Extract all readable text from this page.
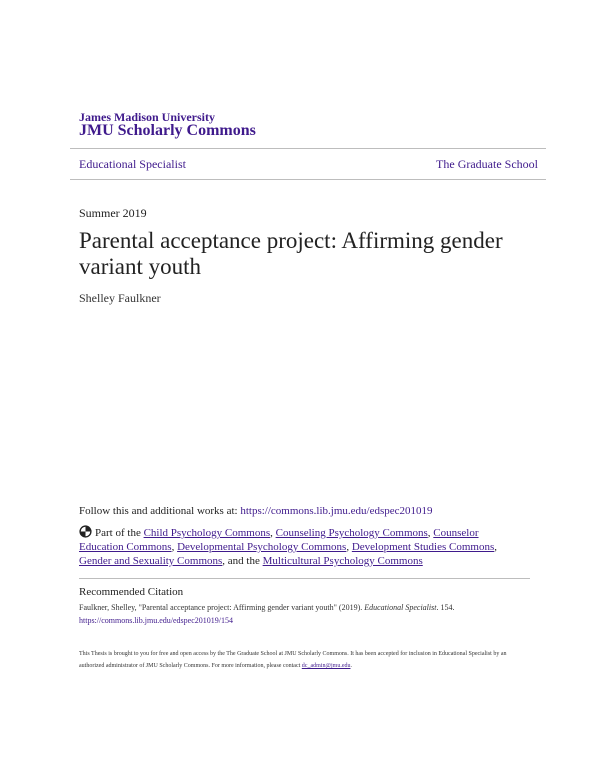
James Madison University
JMU Scholarly Commons
Educational Specialist	The Graduate School
Summer 2019
Parental acceptance project: Affirming gender variant youth
Shelley Faulkner
Follow this and additional works at: https://commons.lib.jmu.edu/edspec201019
Part of the Child Psychology Commons, Counseling Psychology Commons, Counselor Education Commons, Developmental Psychology Commons, Development Studies Commons, Gender and Sexuality Commons, and the Multicultural Psychology Commons
Recommended Citation
Faulkner, Shelley, "Parental acceptance project: Affirming gender variant youth" (2019). Educational Specialist. 154.
https://commons.lib.jmu.edu/edspec201019/154
This Thesis is brought to you for free and open access by the The Graduate School at JMU Scholarly Commons. It has been accepted for inclusion in Educational Specialist by an authorized administrator of JMU Scholarly Commons. For more information, please contact dc_admin@jmu.edu.
